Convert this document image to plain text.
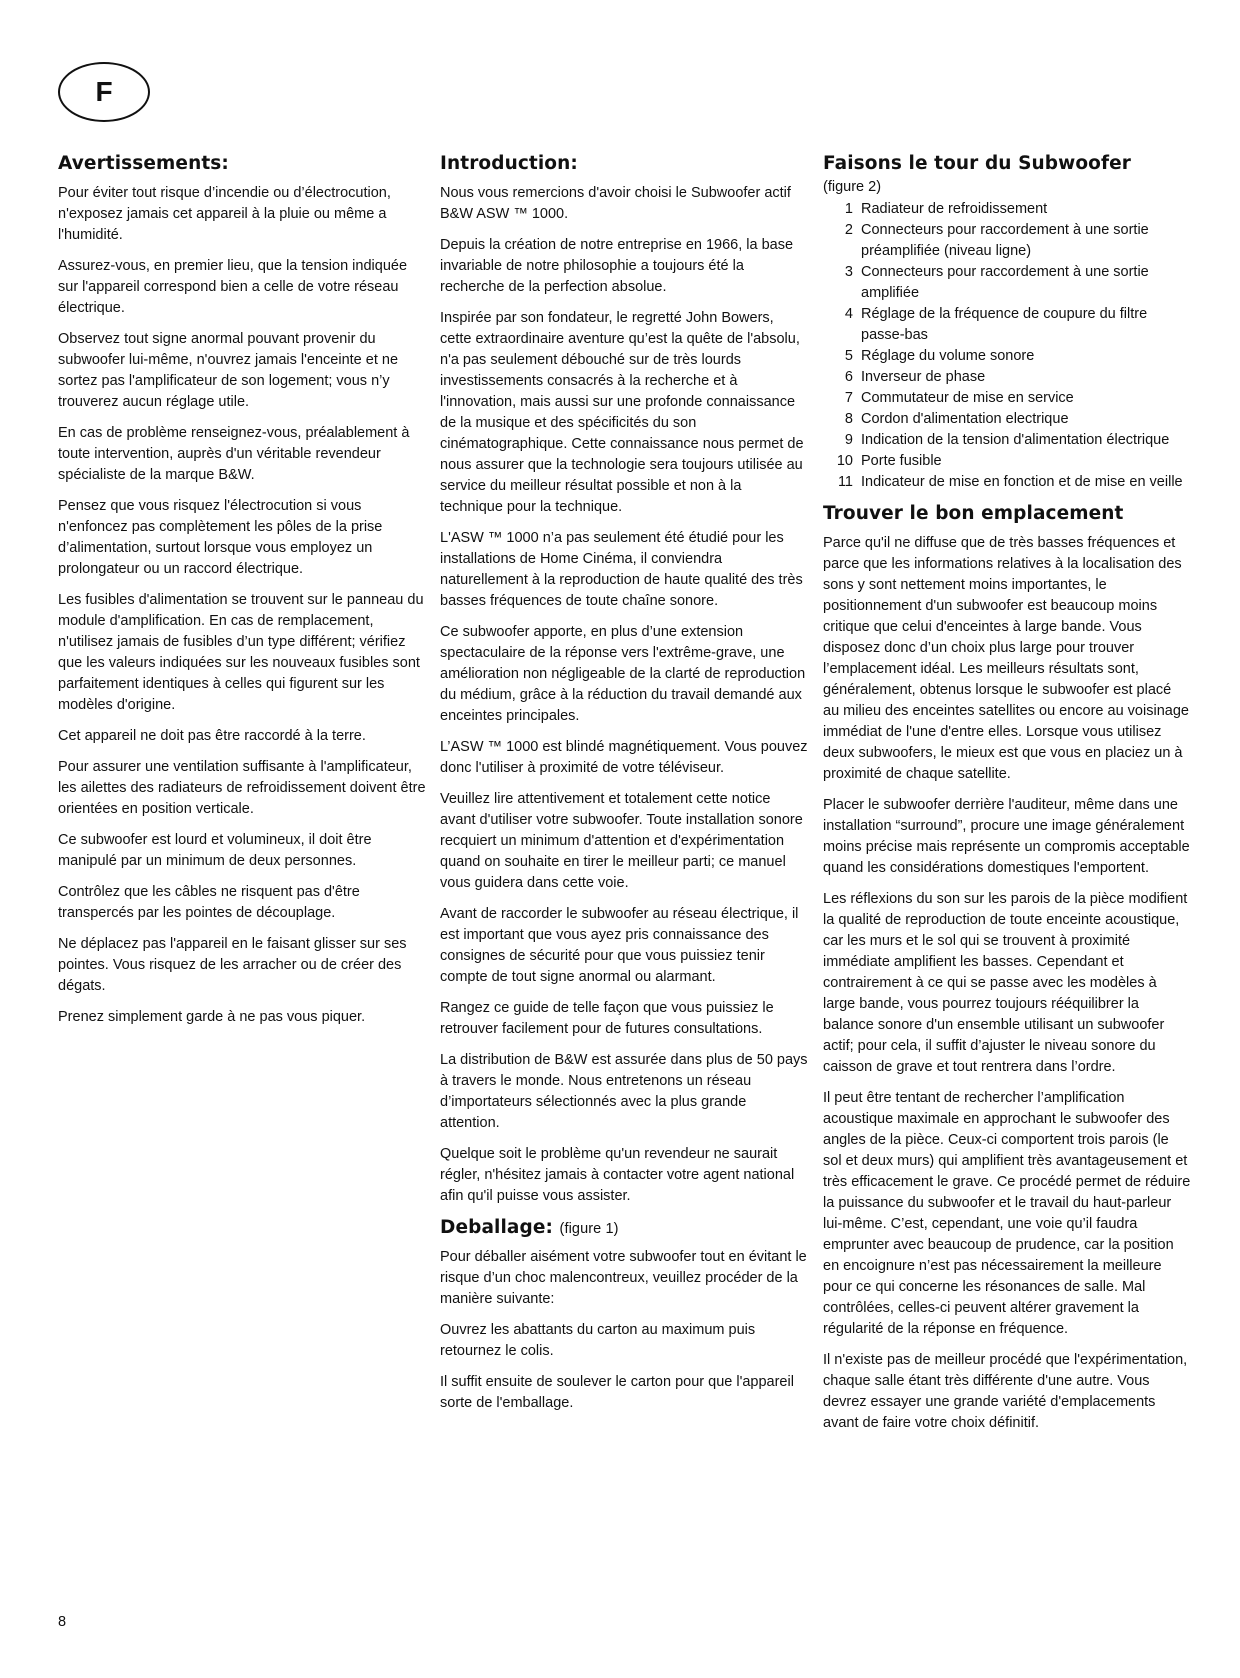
F
Avertissements:

Pour éviter tout risque d’incendie ou d’électrocution, n'exposez jamais cet appareil à la pluie ou même a l'humidité.

Assurez-vous, en premier lieu, que la tension indiquée sur l'appareil correspond bien a celle de votre réseau électrique.

Observez tout signe anormal pouvant provenir du subwoofer lui-même, n'ouvrez jamais l'enceinte et ne sortez pas l'amplificateur de son logement; vous n’y trouverez aucun réglage utile.

En cas de problème renseignez-vous, préalablement à toute intervention, auprès d'un véritable revendeur spécialiste de la marque B&W.

Pensez que vous risquez l'électrocution si vous n'enfoncez pas complètement les pôles de la prise d’alimentation, surtout lorsque vous employez un prolongateur ou un raccord électrique.

Les fusibles d'alimentation se trouvent sur le panneau du module d'amplification. En cas de remplacement, n'utilisez jamais de fusibles d’un type différent; vérifiez que les valeurs indiquées sur les nouveaux fusibles sont parfaitement identiques à celles qui figurent sur les modèles d'origine.

Cet appareil ne doit pas être raccordé à la terre.

Pour assurer une ventilation suffisante à l'amplificateur, les ailettes des radiateurs de refroidissement doivent être orientées en position verticale.

Ce subwoofer est lourd et volumineux, il doit être manipulé par un minimum de deux personnes.

Contrôlez que les câbles ne risquent pas d'être transpercés par les pointes de découplage.

Ne déplacez pas l'appareil en le faisant glisser sur ses pointes. Vous risquez de les arracher ou de créer des dégats.

Prenez simplement garde à ne pas vous piquer.

Introduction:

Nous vous remercions d'avoir choisi le Subwoofer actif B&W ASW ™ 1000.

Depuis la création de notre entreprise en 1966, la base invariable de notre philosophie a toujours été la recherche de la perfection absolue.

Inspirée par son fondateur, le regretté John Bowers, cette extraordinaire aventure qu’est la quête de l'absolu, n'a pas seulement débouché sur de très lourds investissements consacrés à la recherche et à l'innovation, mais aussi sur une profonde connaissance de la musique et des spécificités du son cinématographique. Cette connaissance nous permet de nous assurer que la technologie sera toujours utilisée au service du meilleur résultat possible et non à la technique pour la technique.

L'ASW ™ 1000 n’a pas seulement été étudié pour les installations de Home Cinéma, il conviendra naturellement à la reproduction de haute qualité des très basses fréquences de toute chaîne sonore.

Ce subwoofer apporte, en plus d’une extension spectaculaire de la réponse vers l'extrême-grave, une amélioration non négligeable de la clarté de reproduction du médium, grâce à la réduction du travail demandé aux enceintes principales.

L’ASW ™ 1000 est blindé magnétiquement. Vous pouvez donc l'utiliser à proximité de votre téléviseur.

Veuillez lire attentivement et totalement cette notice avant d'utiliser votre subwoofer. Toute installation sonore recquiert un minimum d'attention et d'expérimentation quand on souhaite en tirer le meilleur parti; ce manuel vous guidera dans cette voie.

Avant de raccorder le subwoofer au réseau électrique, il est important que vous ayez pris connaissance des consignes de sécurité pour que vous puissiez tenir compte de tout signe anormal ou alarmant.

Rangez ce guide de telle façon que vous puissiez le retrouver facilement pour de futures consultations.

La distribution de B&W est assurée dans plus de 50 pays à travers le monde. Nous entretenons un réseau d’importateurs sélectionnés avec la plus grande attention.

Quelque soit le problème qu'un revendeur ne saurait régler, n'hésitez jamais à contacter votre agent national afin qu'il puisse vous assister.

Deballage: (figure 1)

Pour déballer aisément votre subwoofer tout en évitant le risque d’un choc malencontreux, veuillez procéder de la manière suivante:

Ouvrez les abattants du carton au maximum puis retournez le colis.

Il suffit ensuite de soulever le carton pour que l'appareil sorte de l'emballage.

Faisons le tour du Subwoofer
(figure 2)
1 Radiateur de refroidissement
2 Connecteurs pour raccordement à une sortie préamplifiée (niveau ligne)
3 Connecteurs pour raccordement à une sortie amplifiée
4 Réglage de la fréquence de coupure du filtre passe-bas
5 Réglage du volume sonore
6 Inverseur de phase
7 Commutateur de mise en service
8 Cordon d'alimentation electrique
9 Indication de la tension d'alimentation électrique
10 Porte fusible
11 Indicateur de mise en fonction et de mise en veille
Trouver le bon emplacement

Parce qu'il ne diffuse que de très basses fréquences et parce que les informations relatives à la localisation des sons y sont nettement moins importantes, le positionnement d'un subwoofer est beaucoup moins critique que celui d'enceintes à large bande. Vous disposez donc d’un choix plus large pour trouver l’emplacement idéal. Les meilleurs résultats sont, généralement, obtenus lorsque le subwoofer est placé au milieu des enceintes satellites ou encore au voisinage immédiat de l'une d'entre elles. Lorsque vous utilisez deux subwoofers, le mieux est que vous en placiez un à proximité de chaque satellite.

Placer le subwoofer derrière l'auditeur, même dans une installation “surround”, procure une image généralement moins précise mais représente un compromis acceptable quand les considérations domestiques l'emportent.

Les réflexions du son sur les parois de la pièce modifient la qualité de reproduction de toute enceinte acoustique, car les murs et le sol qui se trouvent à proximité immédiate amplifient les basses. Cependant et contrairement à ce qui se passe avec les modèles à large bande, vous pourrez toujours rééquilibrer la balance sonore d'un ensemble utilisant un subwoofer actif; pour cela, il suffit d’ajuster le niveau sonore du caisson de grave et tout rentrera dans l’ordre.

Il peut être tentant de rechercher l’amplification acoustique maximale en approchant le subwoofer des angles de la pièce. Ceux-ci comportent trois parois (le sol et deux murs) qui amplifient très avantageusement et très efficacement le grave. Ce procédé permet de réduire la puissance du subwoofer et le travail du haut-parleur lui-même. C’est, cependant, une voie qu’il faudra emprunter avec beaucoup de prudence, car la position en encoignure n’est pas nécessairement la meilleure pour ce qui concerne les résonances de salle. Mal contrôlées, celles-ci peuvent altérer gravement la régularité de la réponse en fréquence.

Il n'existe pas de meilleur procédé que l'expérimentation, chaque salle étant très différente d'une autre. Vous devrez essayer une grande variété d'emplacements avant de faire votre choix définitif.

8
